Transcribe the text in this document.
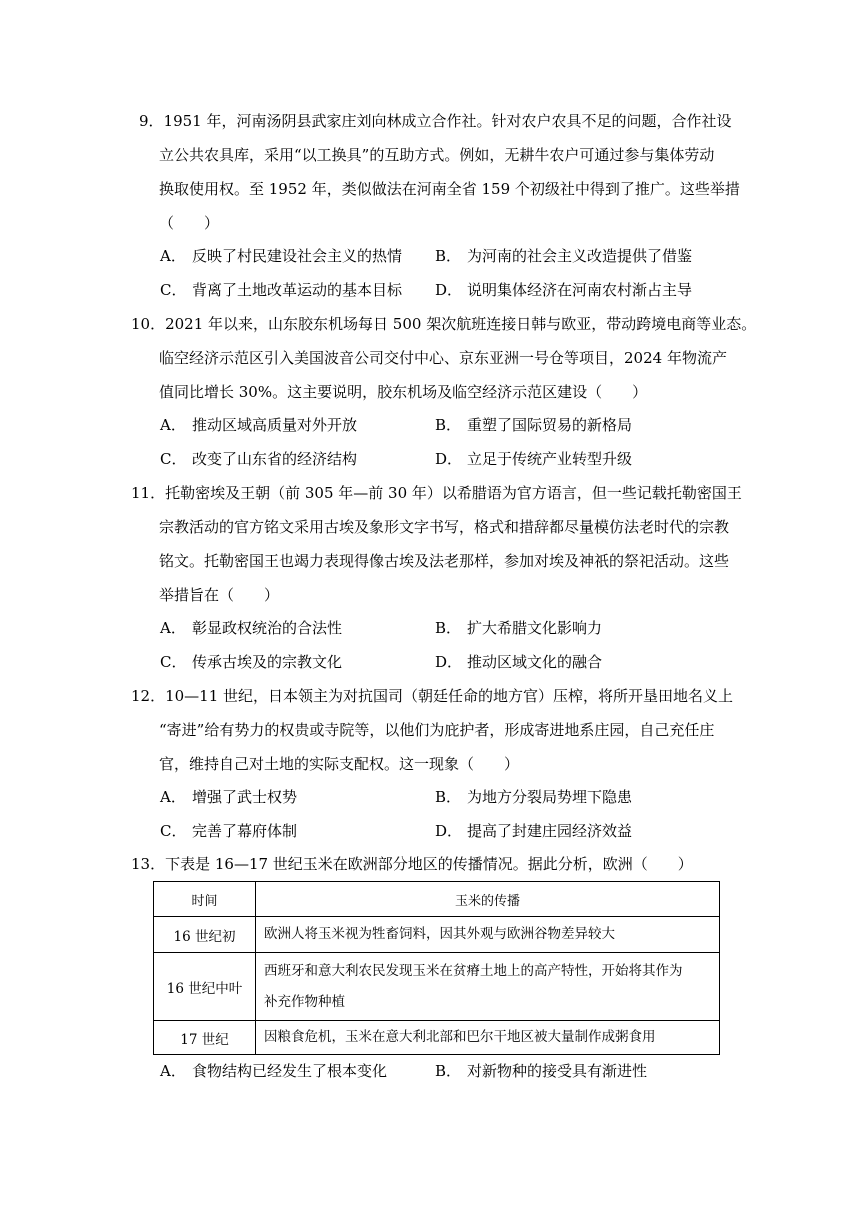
9．1951 年，河南汤阴县武家庄刘向林成立合作社。针对农户农具不足的问题，合作社设
立公共农具库，采用“以工换具”的互助方式。例如，无耕牛农户可通过参与集体劳动
换取使用权。至 1952 年，类似做法在河南全省 159 个初级社中得到了推广。这些举措
（　　）
A． 反映了村民建设社会主义的热情 B． 为河南的社会主义改造提供了借鉴
C． 背离了土地改革运动的基本目标 D． 说明集体经济在河南农村渐占主导
10．2021 年以来，山东胶东机场每日 500 架次航班连接日韩与欧亚，带动跨境电商等业态。
临空经济示范区引入美国波音公司交付中心、京东亚洲一号仓等项目，2024 年物流产
值同比增长 30%。这主要说明，胶东机场及临空经济示范区建设（　　）
A． 推动区域高质量对外开放	B． 重塑了国际贸易的新格局
C． 改变了山东省的经济结构	D． 立足于传统产业转型升级
11．托勒密埃及王朝（前 305 年—前 30 年）以希腊语为官方语言，但一些记载托勒密国王
宗教活动的官方铭文采用古埃及象形文字书写，格式和措辞都尽量模仿法老时代的宗教
铭文。托勒密国王也竭力表现得像古埃及法老那样，参加对埃及神祇的祭祀活动。这些
举措旨在（　　）
A． 彰显政权统治的合法性	B． 扩大希腊文化影响力
C． 传承古埃及的宗教文化	D． 推动区域文化的融合
12．10—11 世纪，日本领主为对抗国司（朝廷任命的地方官）压榨，将所开垦田地名义上
“寄进”给有势力的权贵或寺院等，以他们为庇护者，形成寄进地系庄园，自己充任庄
官，维持自己对土地的实际支配权。这一现象（　　）
A． 增强了武士权势	B． 为地方分裂局势埋下隐患
C． 完善了幕府体制	D． 提高了封建庄园经济效益
13．下表是 16—17 世纪玉米在欧洲部分地区的传播情况。据此分析，欧洲（　　）
时间	玉米的传播
16 世纪初	欧洲人将玉米视为牲畜饲料，因其外观与欧洲谷物差异较大
16 世纪中叶	西班牙和意大利农民发现玉米在贫瘠土地上的高产特性，开始将其作为
补充作物种植

17 世纪	因粮食危机，玉米在意大利北部和巴尔干地区被大量制作成粥食用
A． 食物结构已经发生了根本变化	B． 对新物种的接受具有渐进性
